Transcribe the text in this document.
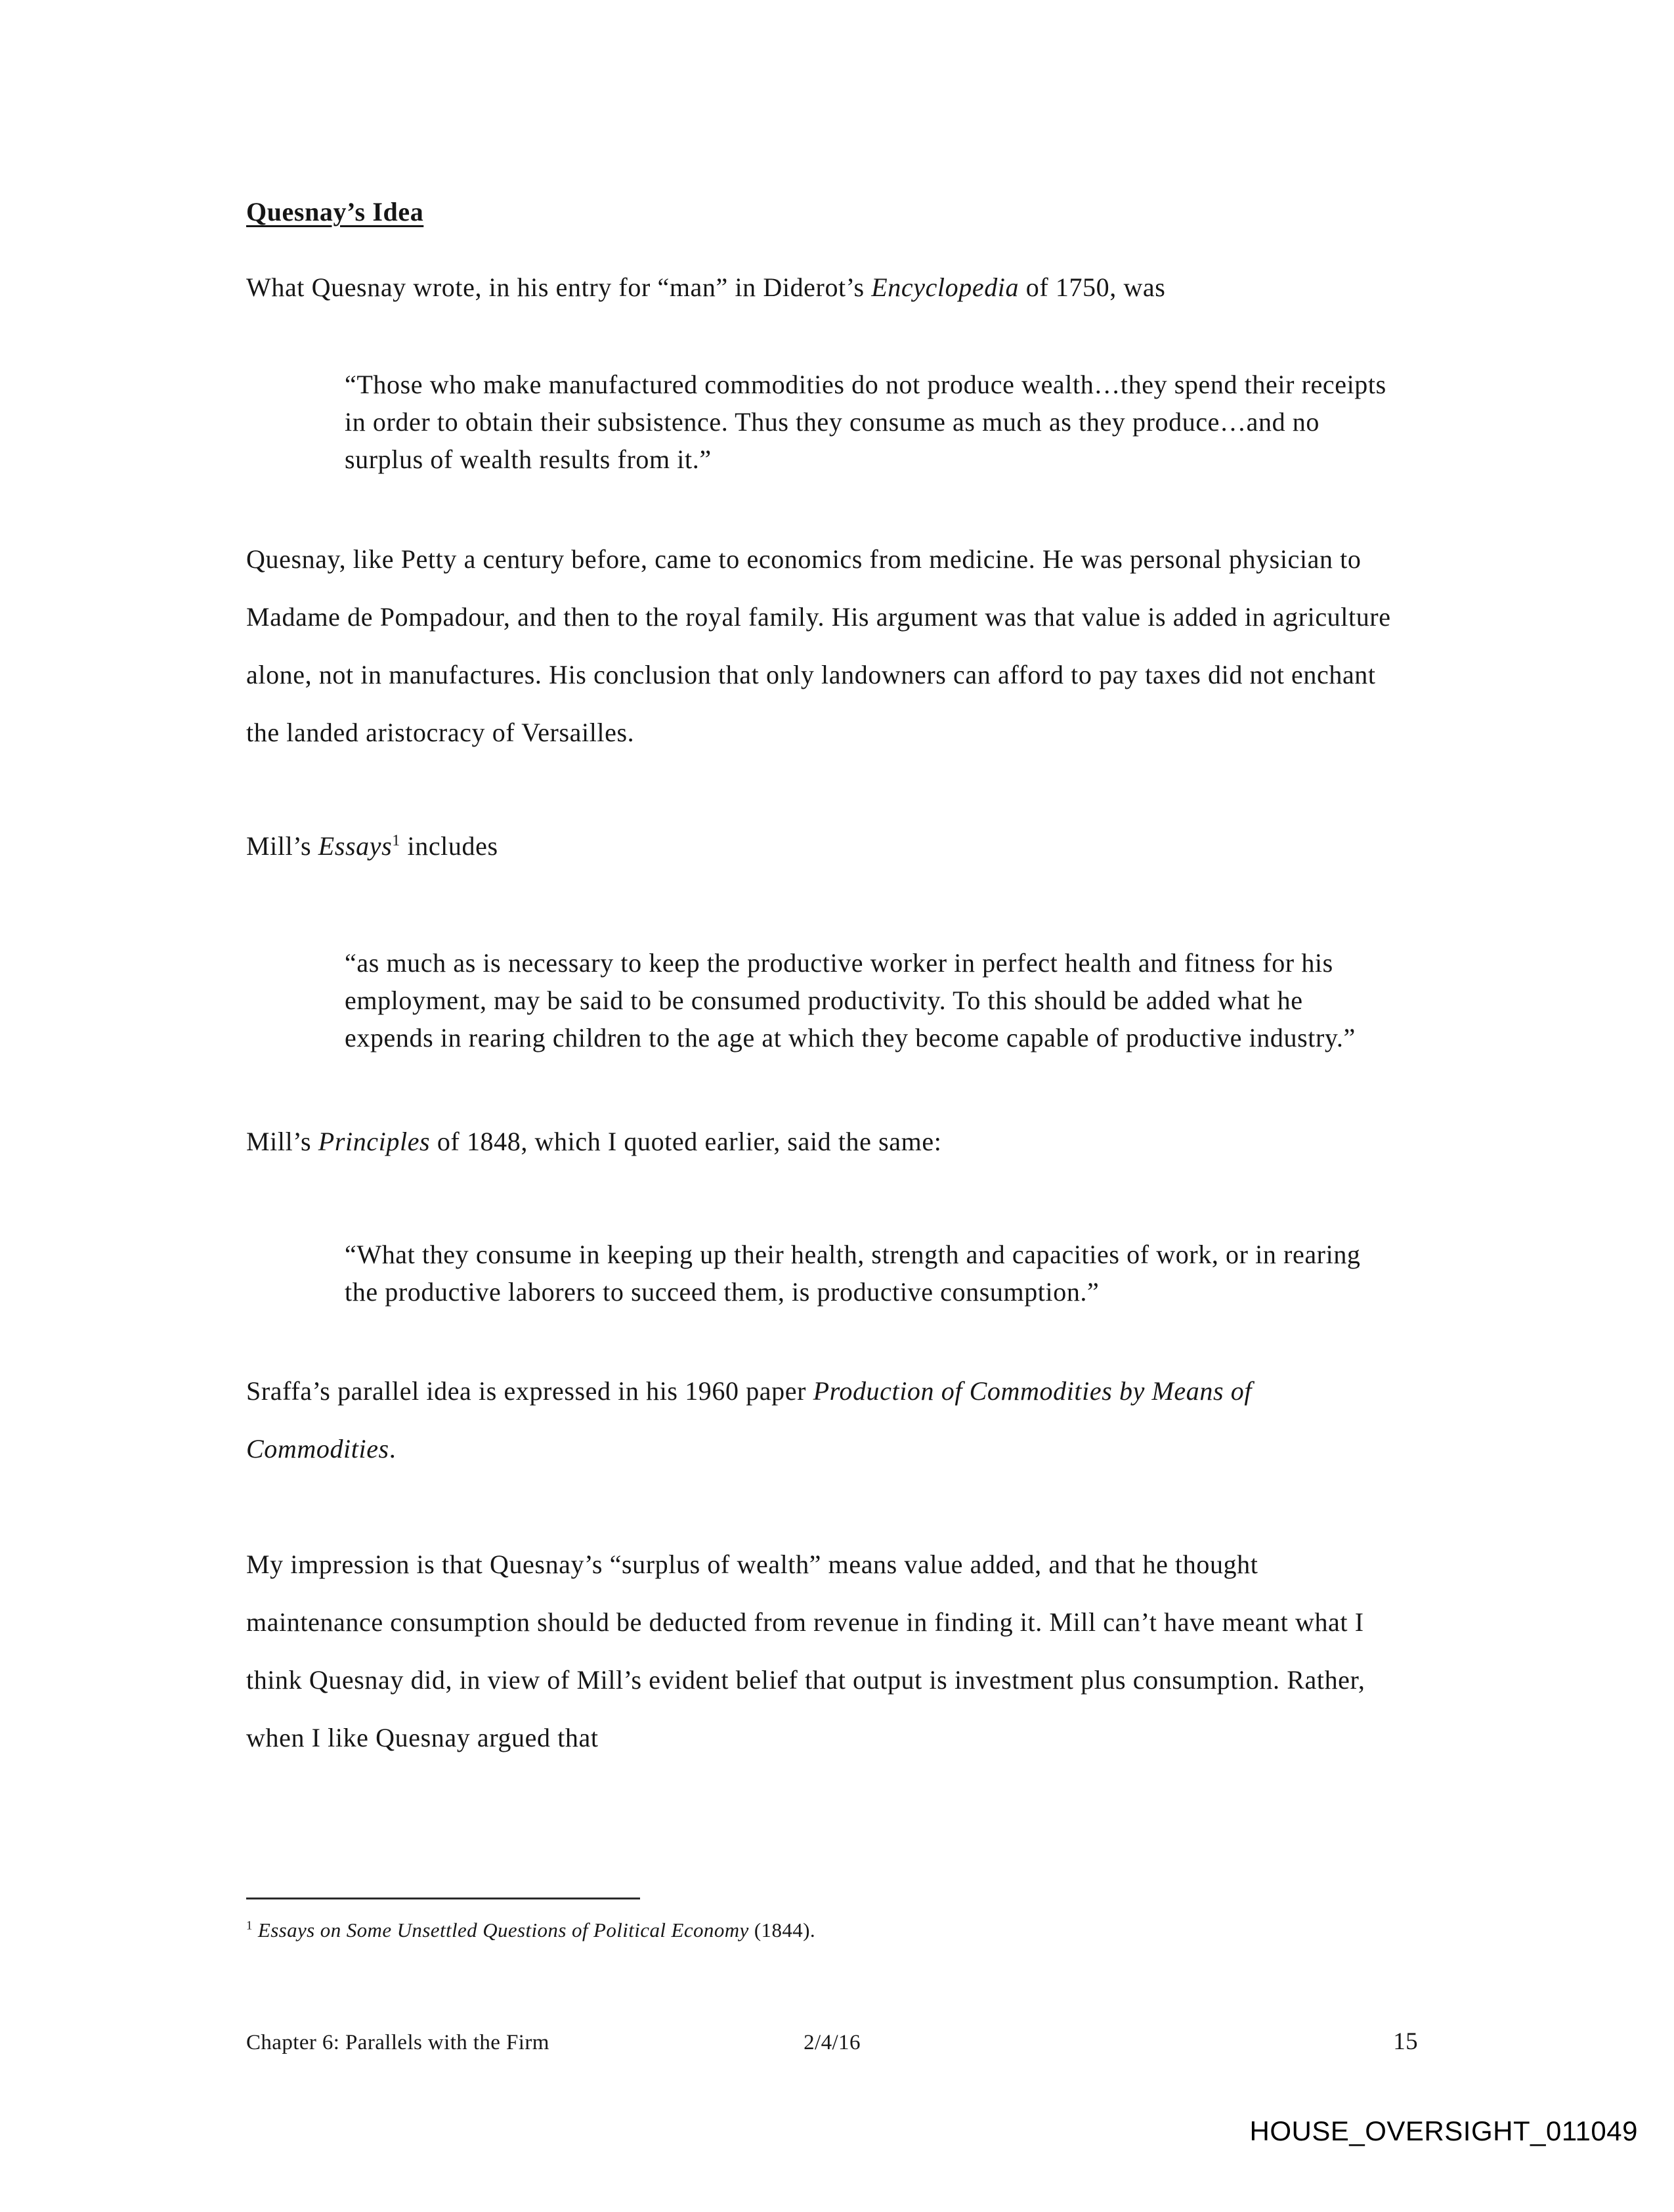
Quesnay’s Idea

What Quesnay wrote, in his entry for “man” in Diderot’s Encyclopedia of 1750, was

“Those who make manufactured commodities do not produce wealth…they spend their receipts in order to obtain their subsistence. Thus they consume as much as they produce…and no surplus of wealth results from it.”

Quesnay, like Petty a century before, came to economics from medicine. He was personal physician to Madame de Pompadour, and then to the royal family. His argument was that value is added in agriculture alone, not in manufactures. His conclusion that only landowners can afford to pay taxes did not enchant the landed aristocracy of Versailles.

Mill’s Essays$^1$ includes

“as much as is necessary to keep the productive worker in perfect health and fitness for his employment, may be said to be consumed productivity. To this should be added what he expends in rearing children to the age at which they become capable of productive industry.”

Mill’s Principles of 1848, which I quoted earlier, said the same:

“What they consume in keeping up their health, strength and capacities of work, or in rearing the productive laborers to succeed them, is productive consumption.”

Sraffa’s parallel idea is expressed in his 1960 paper Production of Commodities by Means of Commodities.

My impression is that Quesnay’s “surplus of wealth” means value added, and that he thought maintenance consumption should be deducted from revenue in finding it. Mill can’t have meant what I think Quesnay did, in view of Mill’s evident belief that output is investment plus consumption. Rather, when I like Quesnay argued that

$^1$ Essays on Some Unsettled Questions of Political Economy (1844).
Chapter 6: Parallels with the Firm	2/4/16	15
HOUSE_OVERSIGHT_011049
